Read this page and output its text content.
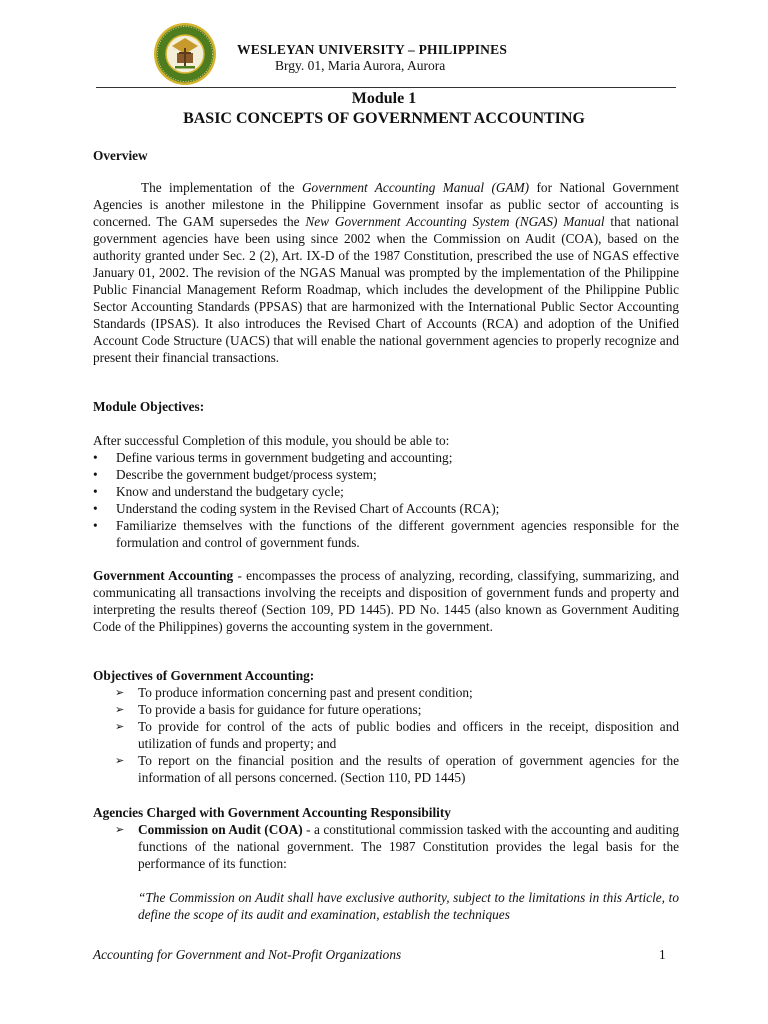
WESLEYAN UNIVERSITY – PHILIPPINES
Brgy. 01, Maria Aurora, Aurora
Module 1
BASIC CONCEPTS OF GOVERNMENT ACCOUNTING

Overview

The implementation of the Government Accounting Manual (GAM) for National Government Agencies is another milestone in the Philippine Government insofar as public sector of accounting is concerned. The GAM supersedes the New Government Accounting System (NGAS) Manual that national government agencies have been using since 2002 when the Commission on Audit (COA), based on the authority granted under Sec. 2 (2), Art. IX-D of the 1987 Constitution, prescribed the use of NGAS effective January 01, 2002. The revision of the NGAS Manual was prompted by the implementation of the Philippine Public Financial Management Reform Roadmap, which includes the development of the Philippine Public Sector Accounting Standards (PPSAS) that are harmonized with the International Public Sector Accounting Standards (IPSAS). It also introduces the Revised Chart of Accounts (RCA) and adoption of the Unified Account Code Structure (UACS) that will enable the national government agencies to properly recognize and present their financial transactions.

Module Objectives:

After successful Completion of this module, you should be able to:

• Define various terms in government budgeting and accounting;
• Describe the government budget/process system;
• Know and understand the budgetary cycle;
• Understand the coding system in the Revised Chart of Accounts (RCA);
• Familiarize themselves with the functions of the different government agencies responsible for the formulation and control of government funds.

Government Accounting - encompasses the process of analyzing, recording, classifying, summarizing, and communicating all transactions involving the receipts and disposition of government funds and property and interpreting the results thereof (Section 109, PD 1445). PD No. 1445 (also known as Government Auditing Code of the Philippines) governs the accounting system in the government.

Objectives of Government Accounting:

➢ To produce information concerning past and present condition;
➢ To provide a basis for guidance for future operations;
➢ To provide for control of the acts of public bodies and officers in the receipt, disposition and utilization of funds and property; and
➢ To report on the financial position and the results of operation of government agencies for the information of all persons concerned. (Section 110, PD 1445)

Agencies Charged with Government Accounting Responsibility

➢ Commission on Audit (COA) - a constitutional commission tasked with the accounting and auditing functions of the national government. The 1987 Constitution provides the legal basis for the performance of its function:

“The Commission on Audit shall have exclusive authority, subject to the limitations in this Article, to define the scope of its audit and examination, establish the techniques

Accounting for Government and Not-Profit Organizations	1
